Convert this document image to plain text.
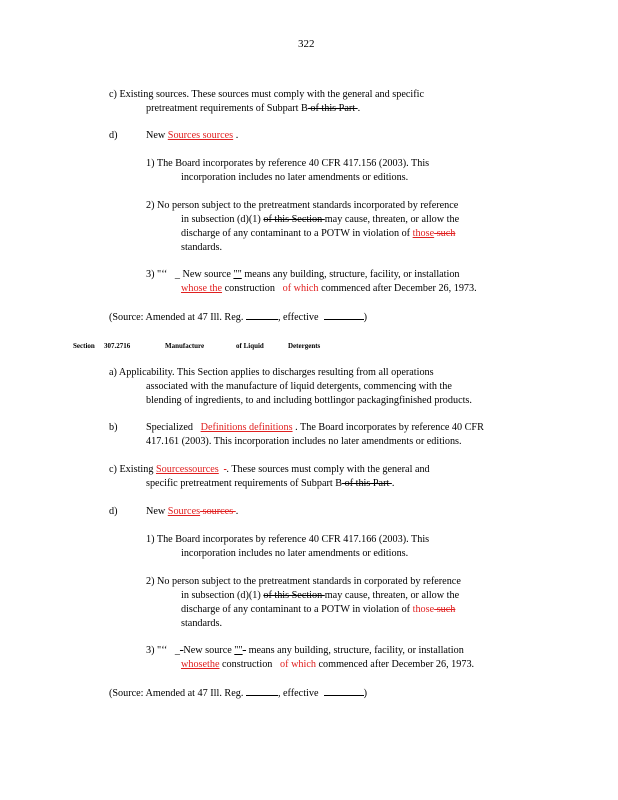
322
c) Existing sources. These sources must comply with the general and specific
pretreatment requirements of Subpart B of this Part .
d)	New Sources sources .
1) The Board incorporates by reference 40 CFR 417.156 (2003). This
incorporation includes no later amendments or editions.
2) No person subject to the pretreatment standards incorporated by reference
in subsection (d)(1) of this Section may cause, threaten, or allow the
discharge of any contaminant to a POTW in violation of those such
standards.
3) "‘‘ _ New source "" means any building, structure, facility, or installation
whose the construction of which commenced after December 26, 1973.
(Source: Amended at 47 Ill. Reg.	, effective	)
Section 307.2716	Manufacture	of Liquid	Detergents
a) Applicability. This Section applies to discharges resulting from all operations
associated with the manufacture of liquid detergents, commencing with the
blending of ingredients, to and including bottlingor packagingfinished products.
b)	Specialized Definitions definitions . The Board incorporates by reference 40 CFR
417.161 (2003). This incorporation includes no later amendments or editions.
c) Existing Sourcessources . These sources must comply with the general and
specific pretreatment requirements of Subpart B of this Part .
d)	New Sources sources .
1) The Board incorporates by reference 40 CFR 417.166 (2003). This
incorporation includes no later amendments or editions.
2) No person subject to the pretreatment standards in corporated by reference
in subsection (d)(1) of this Section may cause, threaten, or allow the
discharge of any contaminant to a POTW in violation of those such
standards.
3) "‘‘ _-New source ""- means any building, structure, facility, or installation
whosethe construction of which commenced after December 26, 1973.
(Source: Amended at 47 Ill. Reg.	, effective	)
